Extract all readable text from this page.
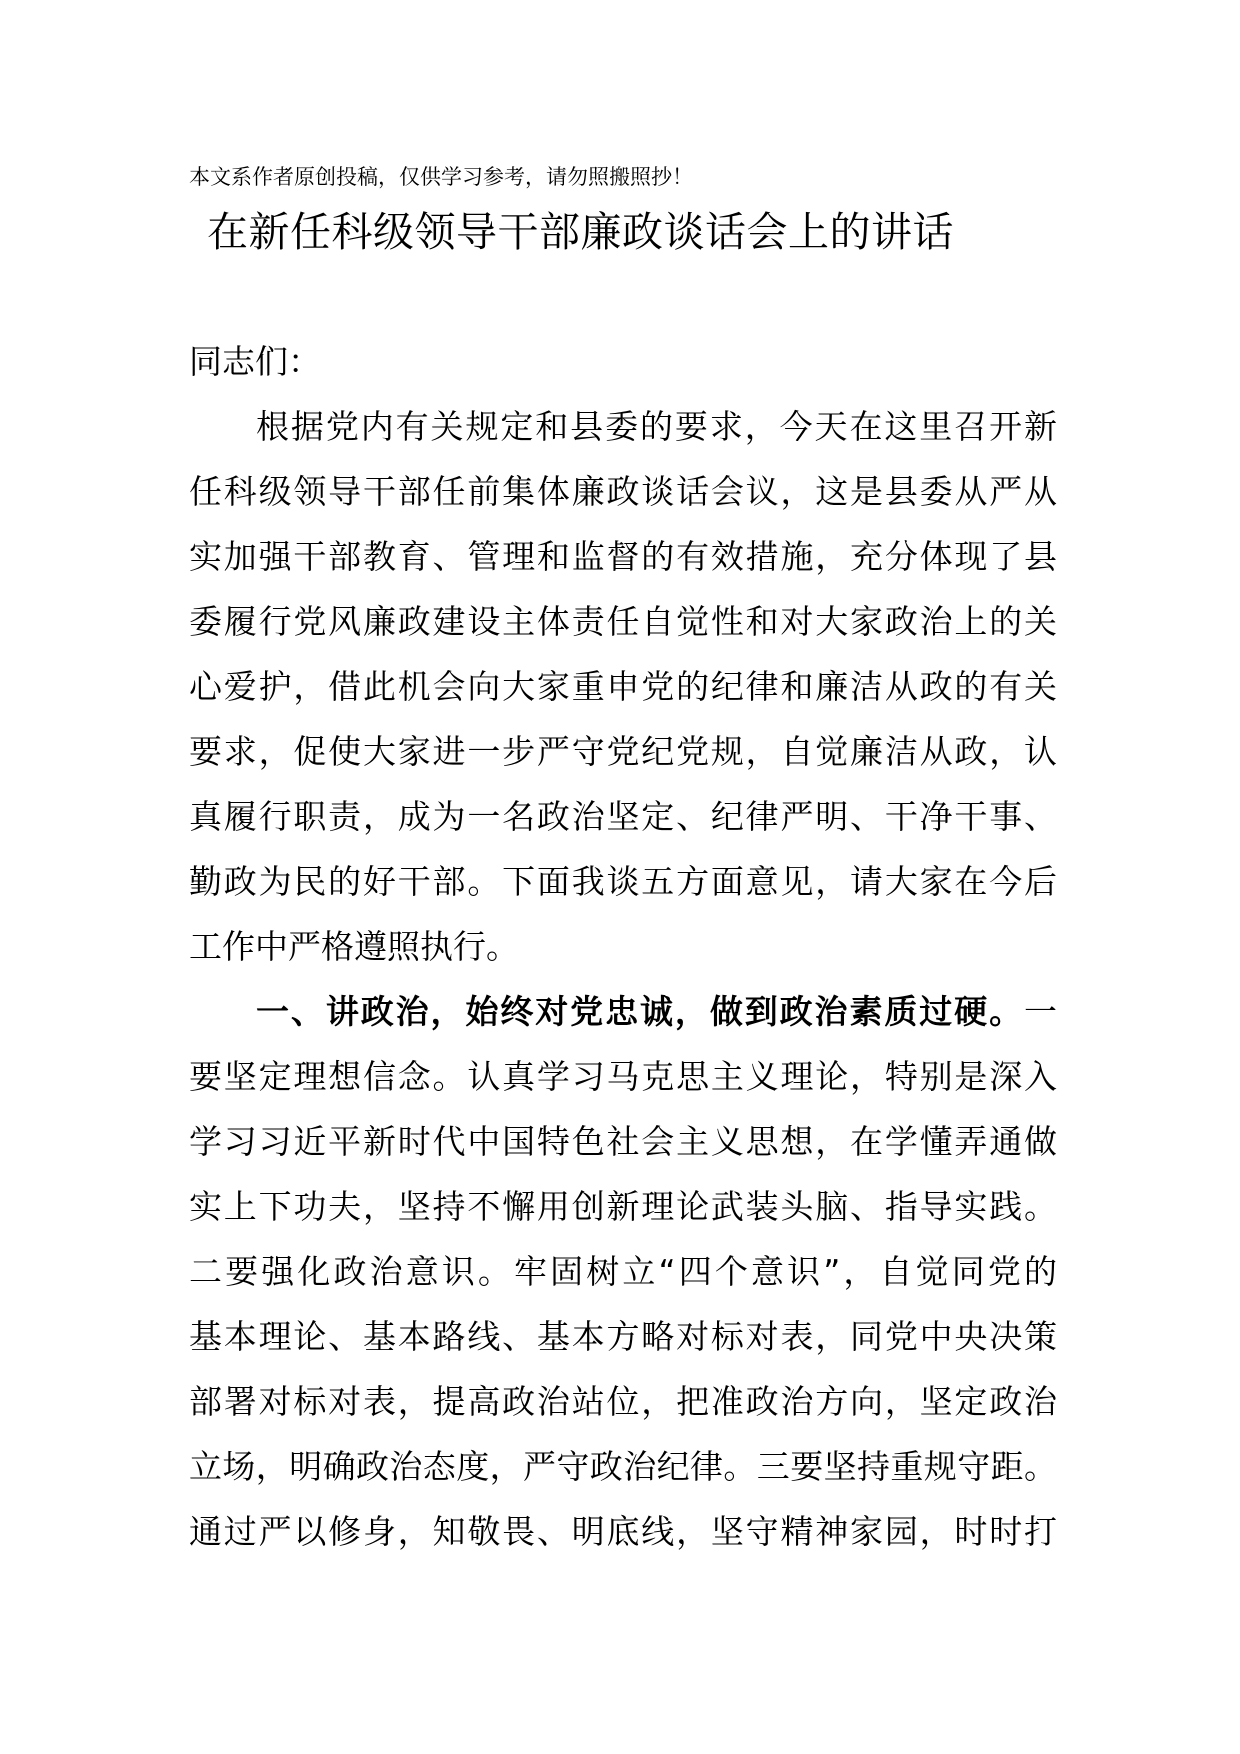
本文系作者原创投稿，仅供学习参考，请勿照搬照抄！
在新任科级领导干部廉政谈话会上的讲话
同志们：
根据党内有关规定和县委的要求，今天在这里召开新
任科级领导干部任前集体廉政谈话会议，这是县委从严从
实加强干部教育、管理和监督的有效措施，充分体现了县
委履行党风廉政建设主体责任自觉性和对大家政治上的关
心爱护，借此机会向大家重申党的纪律和廉洁从政的有关
要求，促使大家进一步严守党纪党规，自觉廉洁从政，认
真履行职责，成为一名政治坚定、纪律严明、干净干事、
勤政为民的好干部。下面我谈五方面意见，请大家在今后
工作中严格遵照执行。
一、讲政治，始终对党忠诚，做到政治素质过硬。一
要坚定理想信念。认真学习马克思主义理论，特别是深入
学习习近平新时代中国特色社会主义思想，在学懂弄通做
实上下功夫，坚持不懈用创新理论武装头脑、指导实践。
二要强化政治意识。牢固树立“四个意识”，自觉同党的
基本理论、基本路线、基本方略对标对表，同党中央决策
部署对标对表，提高政治站位，把准政治方向，坚定政治
立场，明确政治态度，严守政治纪律。三要坚持重规守距。
通过严以修身，知敬畏、明底线，坚守精神家园，时时打
